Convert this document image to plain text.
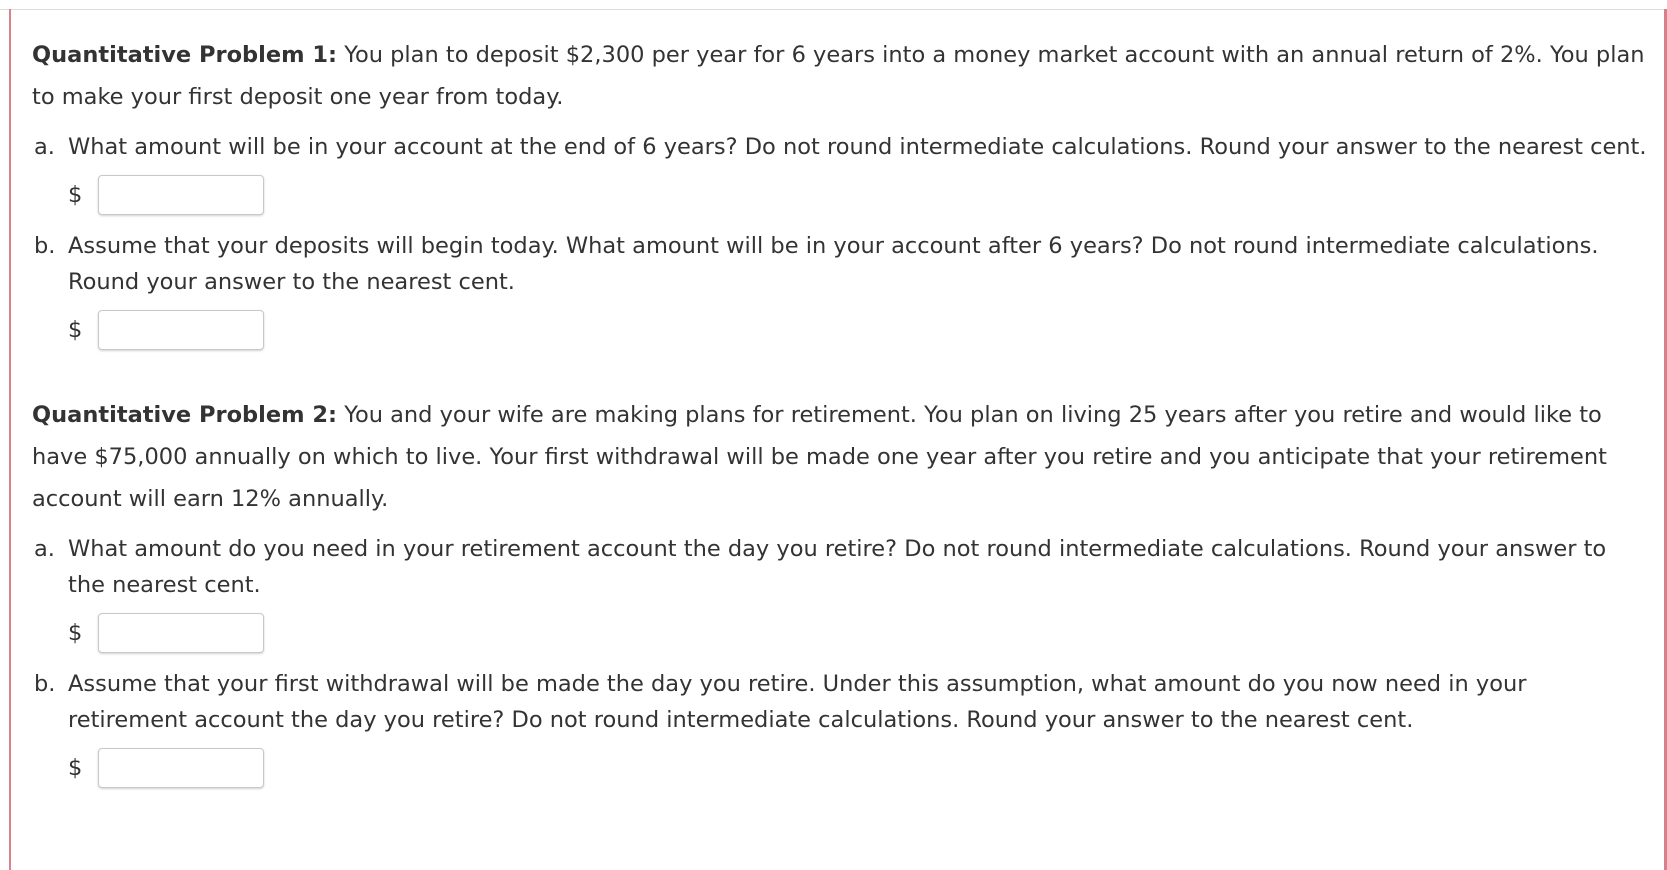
Quantitative Problem 1: You plan to deposit $2,300 per year for 6 years into a money market account with an annual return of 2%. You plan to make your first deposit one year from today.

a. What amount will be in your account at the end of 6 years? Do not round intermediate calculations. Round your answer to the nearest cent.
$
b. Assume that your deposits will begin today. What amount will be in your account after 6 years? Do not round intermediate calculations. Round your answer to the nearest cent.
$

Quantitative Problem 2: You and your wife are making plans for retirement. You plan on living 25 years after you retire and would like to have $75,000 annually on which to live. Your first withdrawal will be made one year after you retire and you anticipate that your retirement account will earn 12% annually.

a. What amount do you need in your retirement account the day you retire? Do not round intermediate calculations. Round your answer to the nearest cent.
$
b. Assume that your first withdrawal will be made the day you retire. Under this assumption, what amount do you now need in your retirement account the day you retire? Do not round intermediate calculations. Round your answer to the nearest cent.
$
